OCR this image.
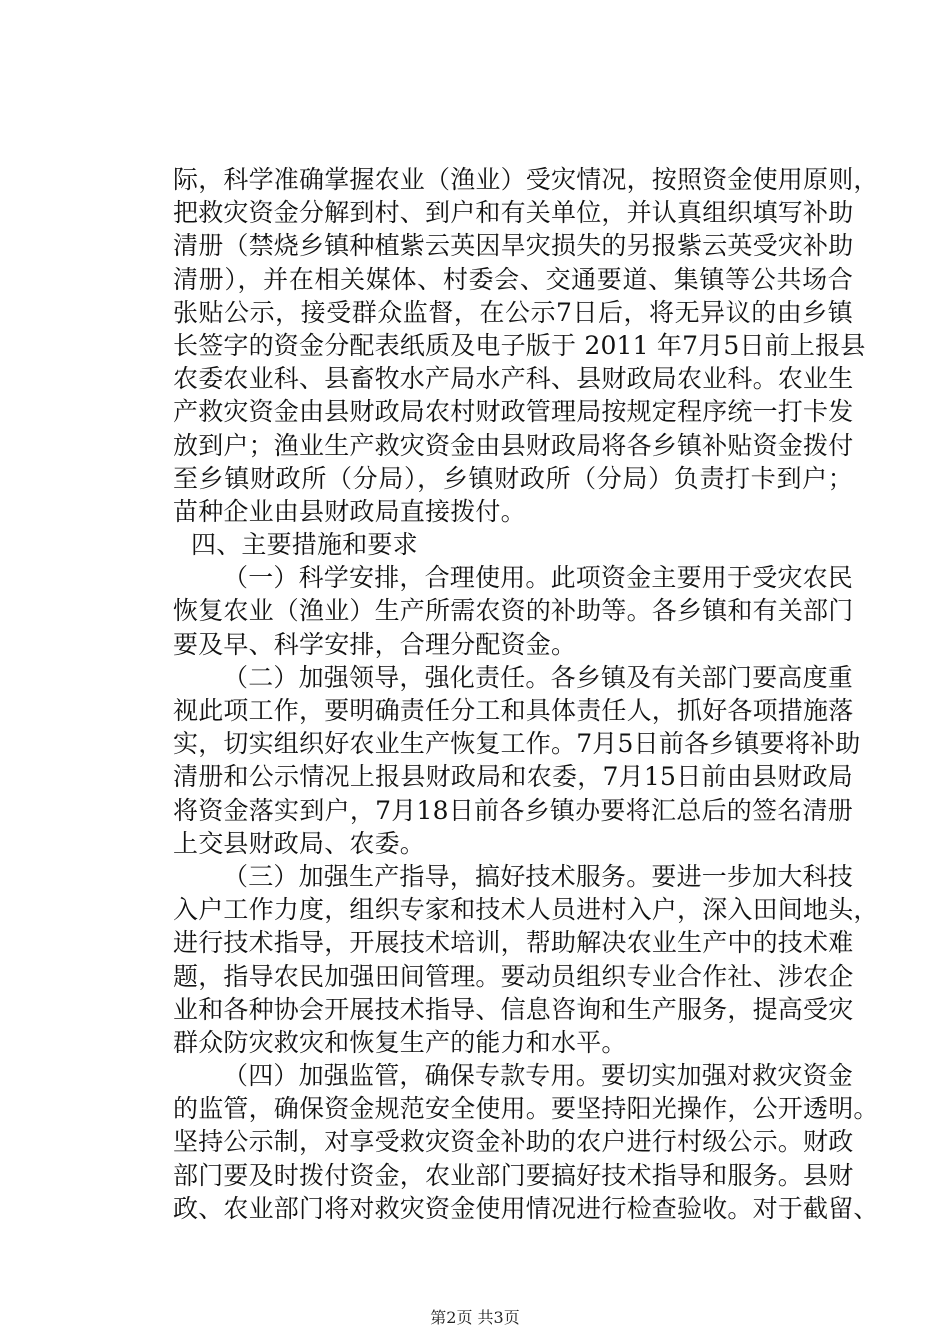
际，科学准确掌握农业（渔业）受灾情况，按照资金使用原则，
把救灾资金分解到村、到户和有关单位，并认真组织填写补助
清册（禁烧乡镇种植紫云英因旱灾损失的另报紫云英受灾补助
清册），并在相关媒体、村委会、交通要道、集镇等公共场合
张贴公示，接受群众监督，在公示7日后，将无异议的由乡镇
长签字的资金分配表纸质及电子版于 2011 年7月5日前上报县
农委农业科、县畜牧水产局水产科、县财政局农业科。农业生
产救灾资金由县财政局农村财政管理局按规定程序统一打卡发
放到户；渔业生产救灾资金由县财政局将各乡镇补贴资金拨付
至乡镇财政所（分局），乡镇财政所（分局）负责打卡到户；
苗种企业由县财政局直接拨付。
四、主要措施和要求
（一）科学安排，合理使用。此项资金主要用于受灾农民
恢复农业（渔业）生产所需农资的补助等。各乡镇和有关部门
要及早、科学安排，合理分配资金。
（二）加强领导，强化责任。各乡镇及有关部门要高度重
视此项工作，要明确责任分工和具体责任人，抓好各项措施落
实，切实组织好农业生产恢复工作。7月5日前各乡镇要将补助
清册和公示情况上报县财政局和农委，7月15日前由县财政局
将资金落实到户，7月18日前各乡镇办要将汇总后的签名清册
上交县财政局、农委。
（三）加强生产指导，搞好技术服务。要进一步加大科技
入户工作力度，组织专家和技术人员进村入户，深入田间地头，
进行技术指导，开展技术培训，帮助解决农业生产中的技术难
题，指导农民加强田间管理。要动员组织专业合作社、涉农企
业和各种协会开展技术指导、信息咨询和生产服务，提高受灾
群众防灾救灾和恢复生产的能力和水平。
（四）加强监管，确保专款专用。要切实加强对救灾资金
的监管，确保资金规范安全使用。要坚持阳光操作，公开透明。
坚持公示制，对享受救灾资金补助的农户进行村级公示。财政
部门要及时拨付资金，农业部门要搞好技术指导和服务。县财
政、农业部门将对救灾资金使用情况进行检查验收。对于截留、
第2页 共3页
